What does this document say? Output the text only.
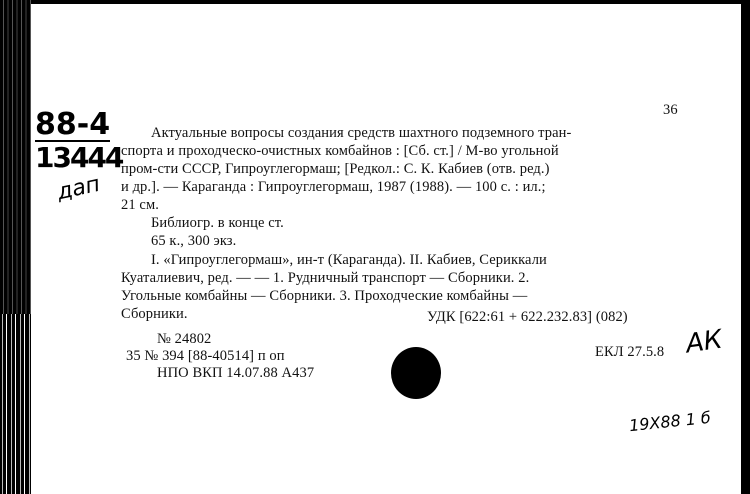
36
Актуальные вопросы создания средств шахтного подземного тран-
спорта и проходческо-очистных комбайнов : [Сб. ст.] / М-во угольной
пром-сти СССР, Гипроуглегормаш; [Редкол.: С. К. Кабиев (отв. ред.)
и др.]. — Караганда : Гипроуглегормаш, 1987 (1988). — 100 с. : ил.;
21 см.
Библиогр. в конце ст.
65 к., 300 экз.
I. «Гипроуглегормаш», ин-т (Караганда). II. Кабиев, Сериккали
Куаталиевич, ред. — — 1. Рудничный транспорт — Сборники. 2.
Угольные комбайны — Сборники. 3. Проходческие комбайны —
Сборники.	УДК [622:61 + 622.232.83] (082)
№ 24802
35 № 394 [88-40514] п оп
НПО ВКП 14.07.88 А437
ЕКЛ 27.5.8
88-4
13444
дап
АК
19X88 1 б
